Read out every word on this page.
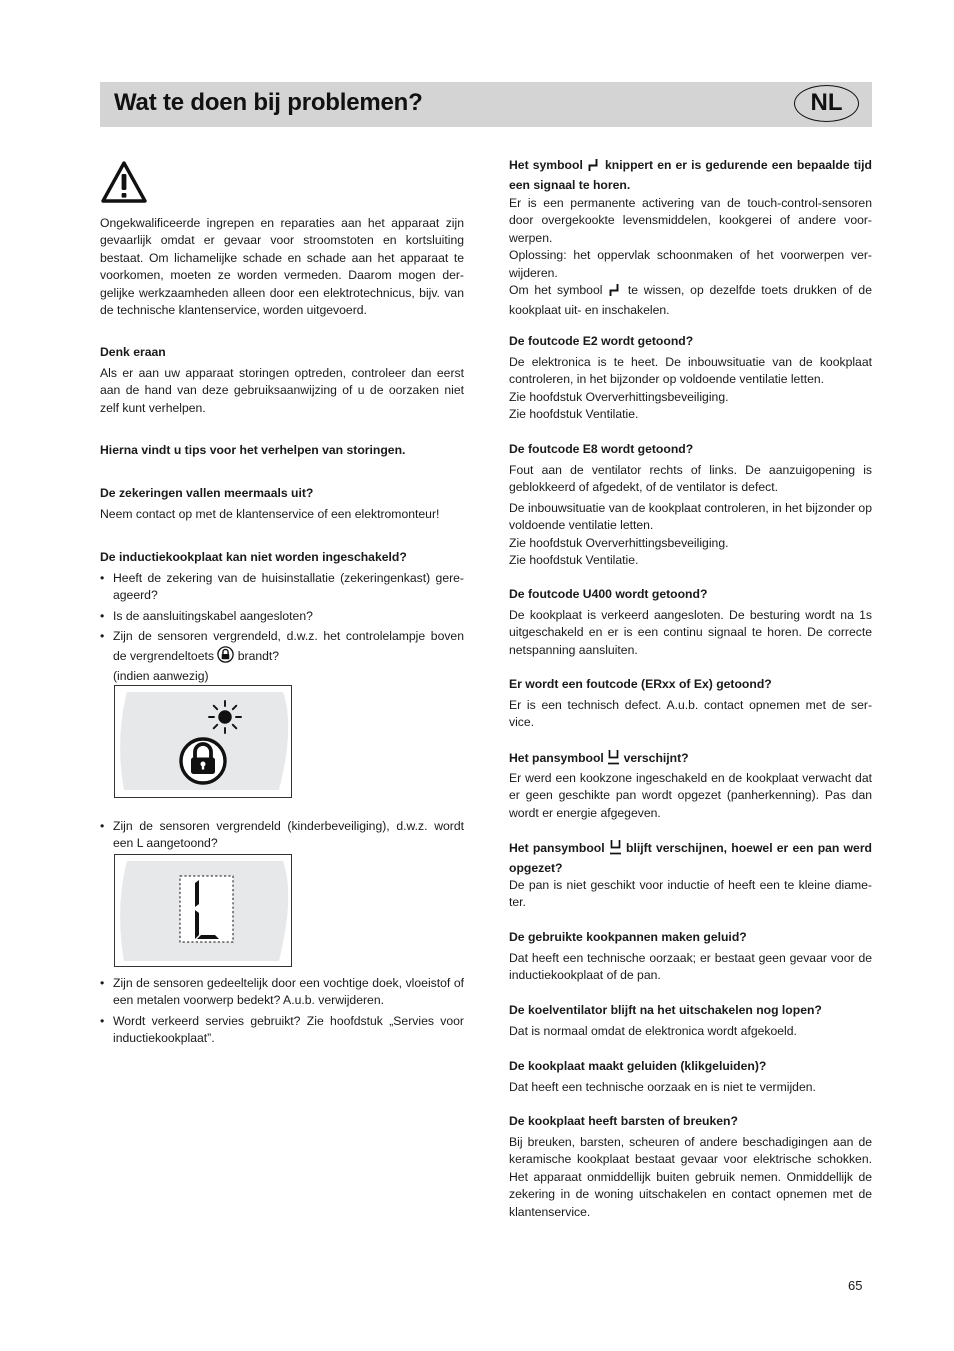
Wat te doen bij problemen?	NL

Ongekwalificeerde ingrepen en reparaties aan het apparaat zijn gevaarlijk omdat er gevaar voor stroomstoten en kortsluiting bestaat. Om lichamelijke schade en schade aan het apparaat te voorkomen, moeten ze worden vermeden. Daarom mogen der-gelijke werkzaamheden alleen door een elektrotechnicus, bijv. van de technische klantenservice, worden uitgevoerd.

Denk eraan

Als er aan uw apparaat storingen optreden, controleer dan eerst aan de hand van deze gebruiksaanwijzing of u de oorzaken niet zelf kunt verhelpen.

Hierna vindt u tips voor het verhelpen van storingen.

De zekeringen vallen meermaals uit?

Neem contact op met de klantenservice of een elektromonteur!

De inductiekookplaat kan niet worden ingeschakeld?

• Heeft de zekering van de huisinstallatie (zekeringenkast) gere-ageerd?
• Is de aansluitingskabel aangesloten?
• Zijn de sensoren vergrendeld, d.w.z. het controlelampje boven de vergrendeltoets brandt?
(indien aanwezig)
• Zijn de sensoren vergrendeld (kinderbeveiliging), d.w.z. wordt een L aangetoond?
• Zijn de sensoren gedeeltelijk door een vochtige doek, vloeistof of een metalen voorwerp bedekt? A.u.b. verwijderen.
• Wordt verkeerd servies gebruikt? Zie hoofdstuk „Servies voor inductiekookplaat”.

Het symbool knippert en er is gedurende een bepaalde tijd een signaal te horen.

Er is een permanente activering van de touch-control-sensoren door overgekookte levensmiddelen, kookgerei of andere voor-werpen.

Oplossing: het oppervlak schoonmaken of het voorwerpen ver-wijderen.

Om het symbool te wissen, op dezelfde toets drukken of de kookplaat uit- en inschakelen.

De foutcode E2 wordt getoond?

De elektronica is te heet. De inbouwsituatie van de kookplaat controleren, in het bijzonder op voldoende ventilatie letten.

Zie hoofdstuk Oververhittingsbeveiliging.

Zie hoofdstuk Ventilatie.

De foutcode E8 wordt getoond?

Fout aan de ventilator rechts of links. De aanzuigopening is geblokkeerd of afgedekt, of de ventilator is defect.

De inbouwsituatie van de kookplaat controleren, in het bijzonder op voldoende ventilatie letten.

Zie hoofdstuk Oververhittingsbeveiliging.

Zie hoofdstuk Ventilatie.

De foutcode U400 wordt getoond?

De kookplaat is verkeerd aangesloten. De besturing wordt na 1s uitgeschakeld en er is een continu signaal te horen. De correcte netspanning aansluiten.

Er wordt een foutcode (ERxx of Ex) getoond?

Er is een technisch defect. A.u.b. contact opnemen met de ser-vice.

Het pansymbool verschijnt?

Er werd een kookzone ingeschakeld en de kookplaat verwacht dat er geen geschikte pan wordt opgezet (panherkenning). Pas dan wordt er energie afgegeven.

Het pansymbool blijft verschijnen, hoewel er een pan werd opgezet?

De pan is niet geschikt voor inductie of heeft een te kleine diame-ter.

De gebruikte kookpannen maken geluid?

Dat heeft een technische oorzaak; er bestaat geen gevaar voor de inductiekookplaat of de pan.

De koelventilator blijft na het uitschakelen nog lopen?

Dat is normaal omdat de elektronica wordt afgekoeld.

De kookplaat maakt geluiden (klikgeluiden)?

Dat heeft een technische oorzaak en is niet te vermijden.

De kookplaat heeft barsten of breuken?

Bij breuken, barsten, scheuren of andere beschadigingen aan de keramische kookplaat bestaat gevaar voor elektrische schokken. Het apparaat onmiddellijk buiten gebruik nemen. Onmiddellijk de zekering in de woning uitschakelen en contact opnemen met de klantenservice.

65
